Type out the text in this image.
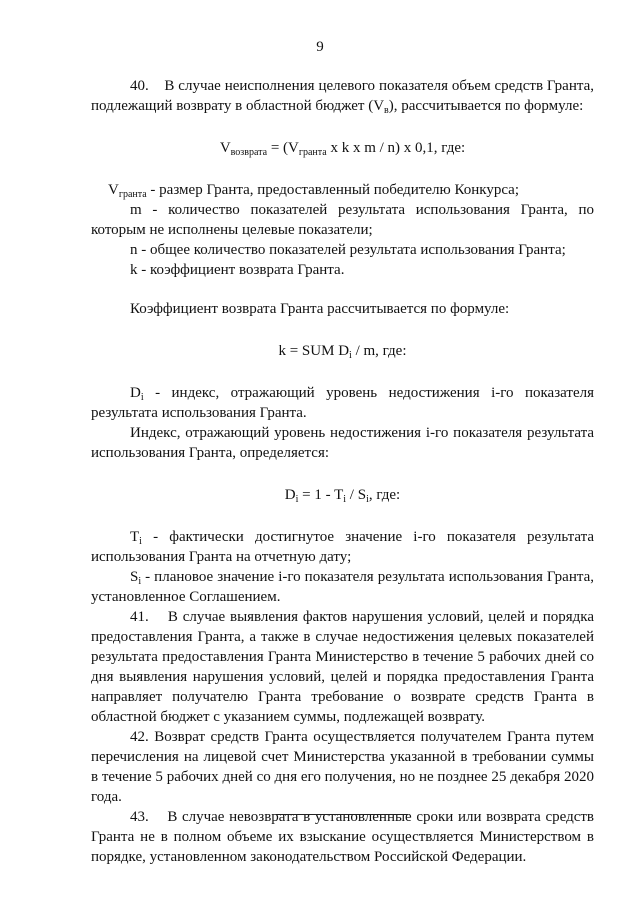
9

40.    В случае неисполнения целевого показателя объем средств Гранта, подлежащий возврату в областной бюджет $(V_в)$, рассчитывается по формуле:

$V_{возврата} = (V_{гранта}$ x k x m / n) x 0,1, где:

$V_{гранта}$ - размер Гранта, предоставленный победителю Конкурса;

m - количество показателей результата использования Гранта, по которым не исполнены целевые показатели;

n - общее количество показателей результата использования Гранта;

k - коэффициент возврата Гранта.

Коэффициент возврата Гранта рассчитывается по формуле:

k = SUM $D_i$ / m, где:

$D_i$ - индекс, отражающий уровень недостижения i-го показателя результата использования Гранта.

Индекс, отражающий уровень недостижения i-го показателя результата использования Гранта, определяется:

$D_i = 1 - T_i / S_i$, где:

$T_i$ - фактически достигнутое значение i-го показателя результата использования Гранта на отчетную дату;

$S_i$ - плановое значение i-го показателя результата использования Гранта, установленное Соглашением.

41.    В случае выявления фактов нарушения условий, целей и порядка предоставления Гранта, а также в случае недостижения целевых показателей результата предоставления Гранта Министерство в течение 5 рабочих дней со дня выявления нарушения условий, целей и порядка предоставления Гранта направляет получателю Гранта требование о возврате средств Гранта в областной бюджет с указанием суммы, подлежащей возврату.

42. Возврат средств Гранта осуществляется получателем Гранта путем перечисления на лицевой счет Министерства указанной в требовании суммы в течение 5 рабочих дней со дня его получения, но не позднее 25 декабря 2020 года.

43.    В случае невозврата в установленные сроки или возврата средств Гранта не в полном объеме их взыскание осуществляется Министерством в порядке, установленном законодательством Российской Федерации.
